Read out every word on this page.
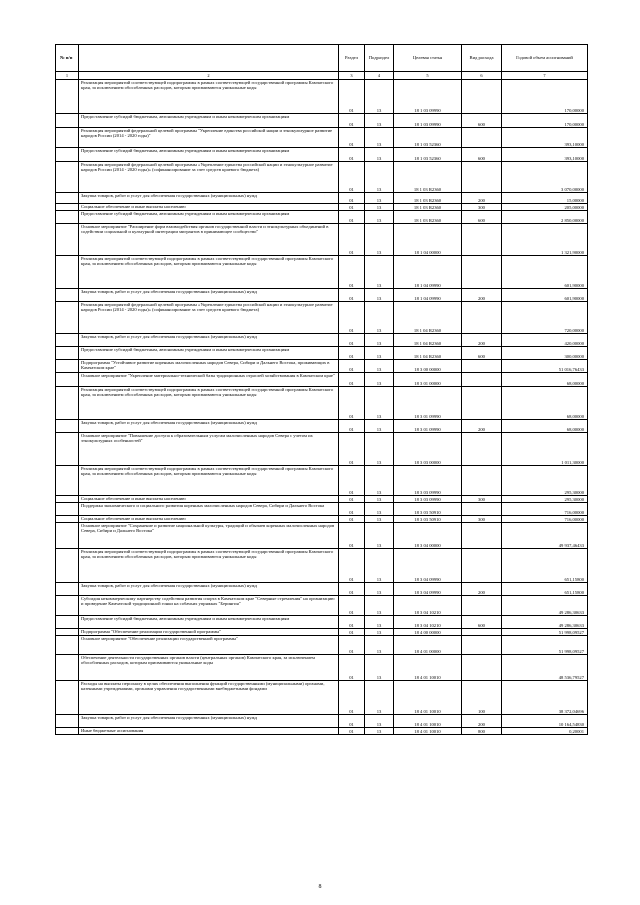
№ п/п		Раздел	Подраздел	Целевая статья	Вид расхода	Годовой объем ассигнований
1	2	3	4	5	6	7
	Реализация мероприятий соответствующей подпрограммы в рамках соответствующей государственной программы Камчатского края, за исключением обособленных расходов, которым присваиваются уникальные коды	01	13	18 1 03 09990		170,00000
	Предоставление субсидий бюджетным, автономным учреждениям и иным некоммерческим организациям	01	13	18 1 03 09990	600	170,00000
	Реализация мероприятий федеральной целевой программы "Укрепление единства российской нации и этнокультурное развитие народов России (2014 - 2020 годы)"	01	13	18 1 03 52360		393,10000
	Предоставление субсидий бюджетным, автономным учреждениям и иным некоммерческим организациям	01	13	18 1 03 52360	600	393,10000
	Реализация мероприятий федеральной целевой программы «Укрепление единства российской нации и этнокультурное развитие народов России (2014 - 2020 годы)» (софинансирование за счет средств краевого бюджета)	01	13	18 1 03 R2360		3 070,00000
	Закупка товаров, работ и услуг для обеспечения государственных (муниципальных) нужд	01	13	18 1 03 R2360	200	15,00000
	Социальное обеспечение и иные выплаты населению	01	13	18 1 03 R2360	300	205,00000
	Предоставление субсидий бюджетным, автономным учреждениям и иным некоммерческим организациям	01	13	18 1 03 R2360	600	2 850,00000
	Основное мероприятие "Расширение форм взаимодействия органов государственной власти и этнокультурных объединений в содействии социальной и культурной интеграции мигрантов в принимающее сообщество"	01	13	18 1 04 00000		1 321,90000
	Реализация мероприятий соответствующей подпрограммы в рамках соответствующей государственной программы Камчатского края, за исключением обособленных расходов, которым присваиваются уникальные коды	01	13	18 1 04 09990		601,90000
	Закупка товаров, работ и услуг для обеспечения государственных (муниципальных) нужд	01	13	18 1 04 09990	200	601,90000
	Реализация мероприятий федеральной целевой программы «Укрепление единства российской нации и этнокультурное развитие народов России (2014 - 2020 годы)» (софинансирование за счет средств краевого бюджета)	01	13	18 1 04 R2360		720,00000
	Закупка товаров, работ и услуг для обеспечения государственных (муниципальных) нужд	01	13	18 1 04 R2360	200	420,00000
	Предоставление субсидий бюджетным, автономным учреждениям и иным некоммерческим организациям	01	13	18 1 04 R2360	600	300,00000
	Подпрограмма "Устойчивое развитие коренных малочисленных народов Севера, Сибири и Дальнего Востока, проживающих в Камчатском крае"	01	13	18 3 00 00000		51 016,76433
	Основное мероприятие "Укрепление материально-технической базы традиционных отраслей хозяйствования в Камчатском крае"	01	13	18 3 01 00000		68,00000
	Реализация мероприятий соответствующей подпрограммы в рамках соответствующей государственной программы Камчатского края, за исключением обособленных расходов, которым присваиваются уникальные коды	01	13	18 3 01 09990		68,00000
	Закупка товаров, работ и услуг для обеспечения государственных (муниципальных) нужд	01	13	18 3 01 09990	200	68,00000
	Основное мероприятие "Повышение доступа к образовательным услугам малочисленных народов Севера с учетом их этнокультурных особенностей"	01	13	18 3 03 00000		1 011,30000
	Реализация мероприятий соответствующей подпрограммы в рамках соответствующей государственной программы Камчатского края, за исключением обособленных расходов, которым присваиваются уникальные коды	01	13	18 3 03 09990		295,30000
	Социальное обеспечение и иные выплаты населению	01	13	18 3 03 09990	300	295,30000
	Поддержка экономического и социального развития коренных малочисленных народов Севера, Сибири и Дальнего Востока	01	13	18 3 03 50910		716,00000
	Социальное обеспечение и иные выплаты населению	01	13	18 3 03 50910	300	716,00000
	Основное мероприятие "Сохранение и развитие национальной культуры, традиций и обычаев коренных малочисленных народов Севера, Сибири и Дальнего Востока"	01	13	18 3 04 00000		49 937,46433
	Реализация мероприятий соответствующей подпрограммы в рамках соответствующей государственной программы Камчатского края, за исключением обособленных расходов, которым присваиваются уникальные коды	01	13	18 3 04 09990		651,15800
	Закупка товаров, работ и услуг для обеспечения государственных (муниципальных) нужд	01	13	18 3 04 09990	200	651,15800
	Субсидия некоммерческому партнерству содействия развития спорта в Камчатском крае "Северные стремления" на организацию и проведение Камчатской традиционной гонки на собачьих упряжках "Берингия"	01	13	18 3 04 10210		49 286,30633
	Предоставление субсидий бюджетным, автономным учреждениям и иным некоммерческим организациям	01	13	18 3 04 10210	600	49 286,30633
	Подпрограмма "Обеспечение реализации государственной программы"	01	13	18 4 00 00000		51 998,09527
	Основное мероприятие "Обеспечение реализации государственной программы"	01	13	18 4 01 00000		51 998,09527
	Обеспечение деятельности государственных органов власти (центральных органов) Камчатского края, за исключением обособленных расходов, которым присваиваются уникальные коды	01	13	18 4 01 10010		48 536,79527
	Расходы на выплаты персоналу в целях обеспечения выполнения функций государственными (муниципальными) органами, казенными учреждениями, органами управления государственными внебюджетными фондами	01	13	18 4 01 10010	100	38 372,04696
	Закупка товаров, работ и услуг для обеспечения государственных (муниципальных) нужд	01	13	18 4 01 10010	200	10 164,54830
	Иные бюджетные ассигнования	01	13	18 4 01 10010	800	0,20001
8
